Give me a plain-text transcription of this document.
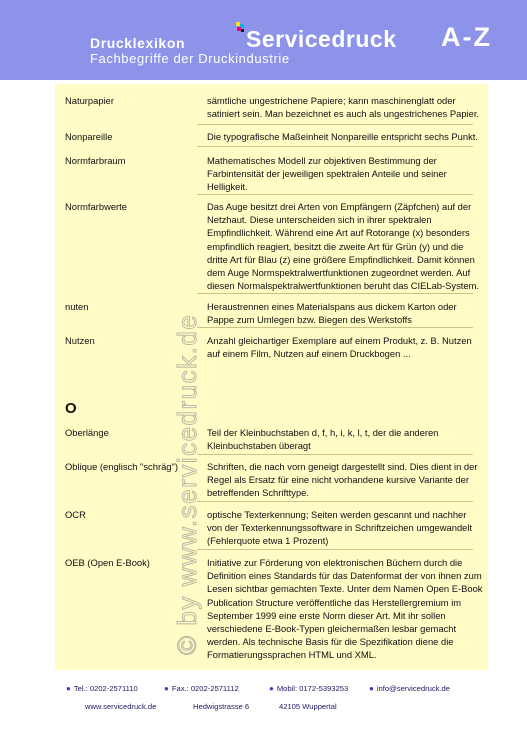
Drucklexikon
Fachbegriffe der Druckindustrie
Servicedruck A-Z
Naturpapier	sämtliche ungestrichene Papiere; kann maschinenglatt oder satiniert sein. Man bezeichnet es auch als ungestrichenes Papier.
Nonpareille	Die typografische Maßeinheit Nonpareille entspricht sechs Punkt.
Normfarbraum	Mathematisches Modell zur objektiven Bestimmung der Farbintensität der jeweiligen spektralen Anteile und seiner Helligkeit.
Normfarbwerte	Das Auge besitzt drei Arten von Empfängern (Zäpfchen) auf der Netzhaut. Diese unterscheiden sich in ihrer spektralen Empfindlichkeit. Während eine Art auf Rotorange (x) besonders empfindlich reagiert, besitzt die zweite Art für Grün (y) und die dritte Art für Blau (z) eine größere Empfindlichkeit. Damit können dem Auge Normspektralwertfunktionen zugeordnet werden. Auf diesen Normalspektralwertfunktionen beruht das CIELab-System.
nuten	Heraustrennen eines Materialspans aus dickem Karton oder Pappe zum Umlegen bzw. Biegen des Werkstoffs
Nutzen	Anzahl gleichartiger Exemplare auf einem Produkt, z. B. Nutzen auf einem Film, Nutzen auf einem Druckbogen ...
O
Oberlänge	Teil der Kleinbuchstaben d, f, h, i, k, l, t, der die anderen Kleinbuchstaben überagt
Oblique (englisch "schräg")	Schriften, die nach vorn geneigt dargestellt sind. Dies dient in der Regel als Ersatz für eine nicht vorhandene kursive Variante der betreffenden Schrifttype.
OCR	optische Texterkennung; Seiten werden gescannt und nachher von der Texterkennungssoftware in Schriftzeichen umgewandelt (Fehlerquote etwa 1 Prozent)
OEB (Open E-Book)	Initiative zur Förderung von elektronischen Büchern durch die Definition eines Standards für das Datenformat der von ihnen zum Lesen sichtbar gemachten Texte. Unter dem Namen Open E-Book Publication Structure veröffentliche das Herstellergremium im September 1999 eine erste Norm dieser Art. Mit ihr sollen verschiedene E-Book-Typen gleichermaßen lesbar gemacht werden. Als technische Basis für die Spezifikation diene die Formatierungssprachen HTML und XML.
© by www.servicedruck.de
● Tel.: 0202-2571110	● Fax.: 0202-2571112	● Mobil: 0172-5393253	● info@servicedruck.de
www.servicedruck.de	Hedwigstrasse 6	42105 Wuppertal
